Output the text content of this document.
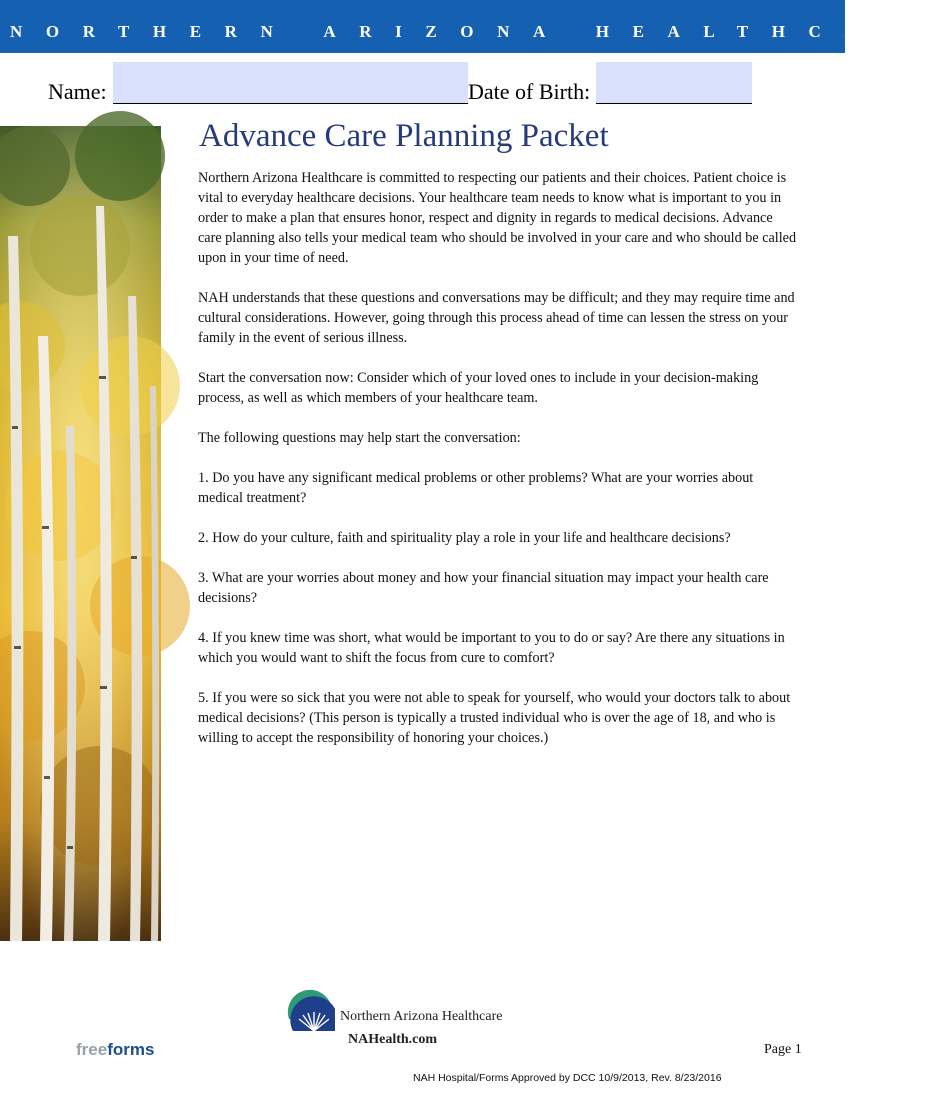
NORTHERN ARIZONA HEALTHCARE
Name:	Date of Birth:
Advance Care Planning Packet

Northern Arizona Healthcare is committed to respecting our patients and their choices. Patient choice is vital to everyday healthcare decisions. Your healthcare team needs to know what is important to you in order to make a plan that ensures honor, respect and dignity in regards to medical decisions. Advance care planning also tells your medical team who should be involved in your care and who should be called upon in your time of need.

NAH understands that these questions and conversations may be difficult; and they may require time and cultural considerations. However, going through this process ahead of time can lessen the stress on your family in the event of serious illness.

Start the conversation now: Consider which of your loved ones to include in your decision-making process, as well as which members of your healthcare team.

The following questions may help start the conversation:

1. Do you have any significant medical problems or other problems? What are your worries about medical treatment?

2. How do your culture, faith and spirituality play a role in your life and healthcare decisions?

3. What are your worries about money and how your financial situation may impact your health care decisions?

4. If you knew time was short, what would be important to you to do or say? Are there any situations in which you would want to shift the focus from cure to comfort?

5. If you were so sick that you were not able to speak for yourself, who would your doctors talk to about medical decisions? (This person is typically a trusted individual who is over the age of 18, and who is willing to accept the responsibility of honoring your choices.)

Northern Arizona Healthcare
NAHealth.com
freeforms	Page 1
NAH Hospital/Forms Approved by DCC 10/9/2013, Rev. 8/23/2016
